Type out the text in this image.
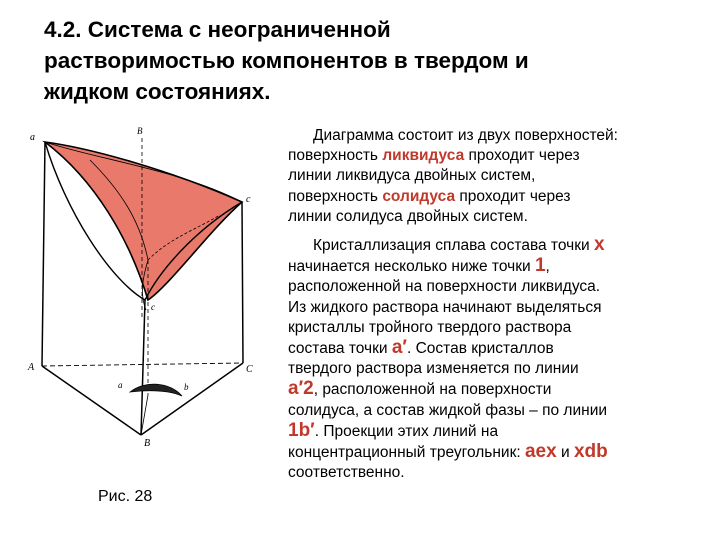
4.2. Система с неограниченной
растворимостью компонентов в твердом и
жидком состояниях.
а
В
с
A	C
B
a	b
c
Рис. 28
Диаграмма состоит из двух поверхностей:
поверхность ликвидуса проходит через
линии ликвидуса двойных систем,
поверхность солидуса проходит через
линии солидуса двойных систем.
Кристаллизация сплава состава точки x
начинается несколько ниже точки 1,
расположенной на поверхности ликвидуса.
Из жидкого раствора начинают выделяться
кристаллы тройного твердого раствора
состава точки a′. Состав кристаллов
твердого раствора изменяется по линии
a′2, расположенной на поверхности
солидуса, а состав жидкой фазы – по линии
1b′. Проекции этих линий на
концентрационный треугольник: aex и xdb
соответственно.
